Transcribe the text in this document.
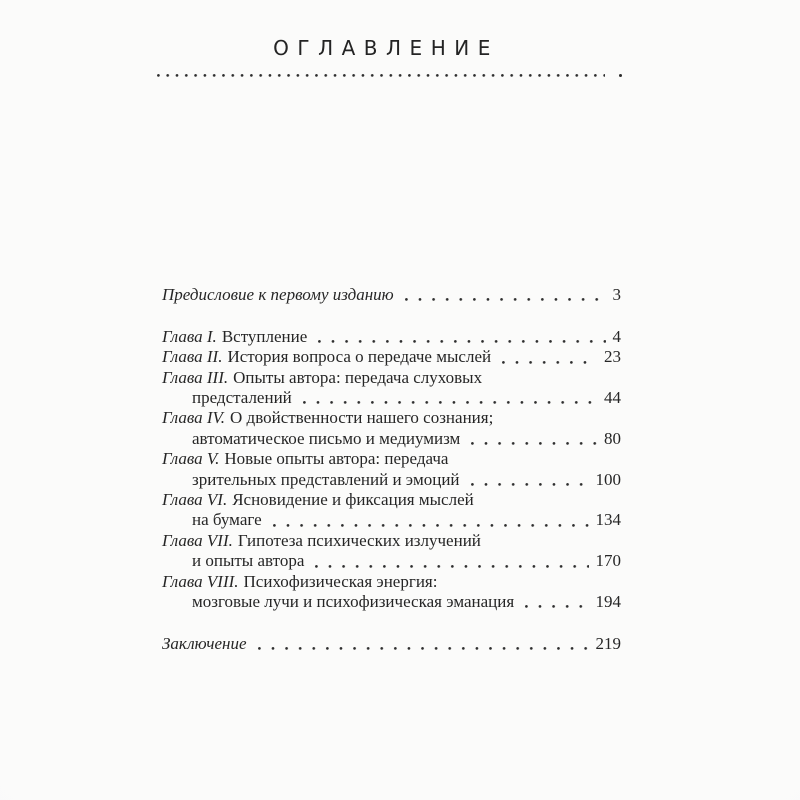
ОГЛАВЛЕНИЕ
Предисловие к первому изданию	3
Глава I. Вступление	4
Глава II. История вопроса о передаче мыслей	23
Глава III. Опыты автора: передача слуховых
предсталений	44
Глава IV. О двойственности нашего сознания;
автоматическое письмо и медиумизм	80
Глава V. Новые опыты автора: передача
зрительных представлений и эмоций	100
Глава VI. Ясновидение и фиксация мыслей
на бумаге	134
Глава VII. Гипотеза психических излучений
и опыты автора	170
Глава VIII. Психофизическая энергия:
мозговые лучи и психофизическая эманация	194
Заключение	219
